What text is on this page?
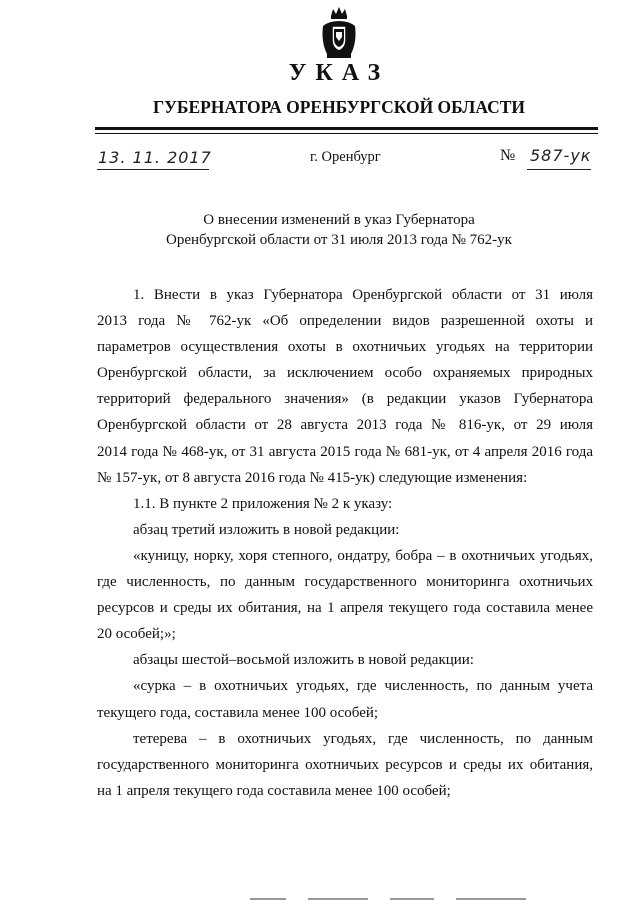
УКАЗ
ГУБЕРНАТОРА ОРЕНБУРГСКОЙ ОБЛАСТИ
13. 11. 2017	г. Оренбург	№ 587-ук
О внесении изменений в указ Губернатора
Оренбургской области от 31 июля 2013 года № 762-ук
1. Внести в указ Губернатора Оренбургской области от 31 июля
2013 года № 762-ук «Об определении видов разрешенной охоты и
параметров осуществления охоты в охотничьих угодьях на территории
Оренбургской области, за исключением особо охраняемых природных
территорий федерального значения» (в редакции указов Губернатора
Оренбургской области от 28 августа 2013 года № 816-ук, от 29 июля
2014 года № 468-ук, от 31 августа 2015 года № 681-ук, от 4 апреля 2016 года
№ 157-ук, от 8 августа 2016 года № 415-ук) следующие изменения:
1.1. В пункте 2 приложения № 2 к указу:
абзац третий изложить в новой редакции:
«куницу, норку, хоря степного, ондатру, бобра – в охотничьих угодьях,
где численность, по данным государственного мониторинга охотничьих
ресурсов и среды их обитания, на 1 апреля текущего года составила менее
20 особей;»;
абзацы шестой–восьмой изложить в новой редакции:
«сурка – в охотничьих угодьях, где численность, по данным учета
текущего года, составила менее 100 особей;
тетерева – в охотничьих угодьях, где численность, по данным
государственного мониторинга охотничьих ресурсов и среды их обитания,
на 1 апреля текущего года составила менее 100 особей;
